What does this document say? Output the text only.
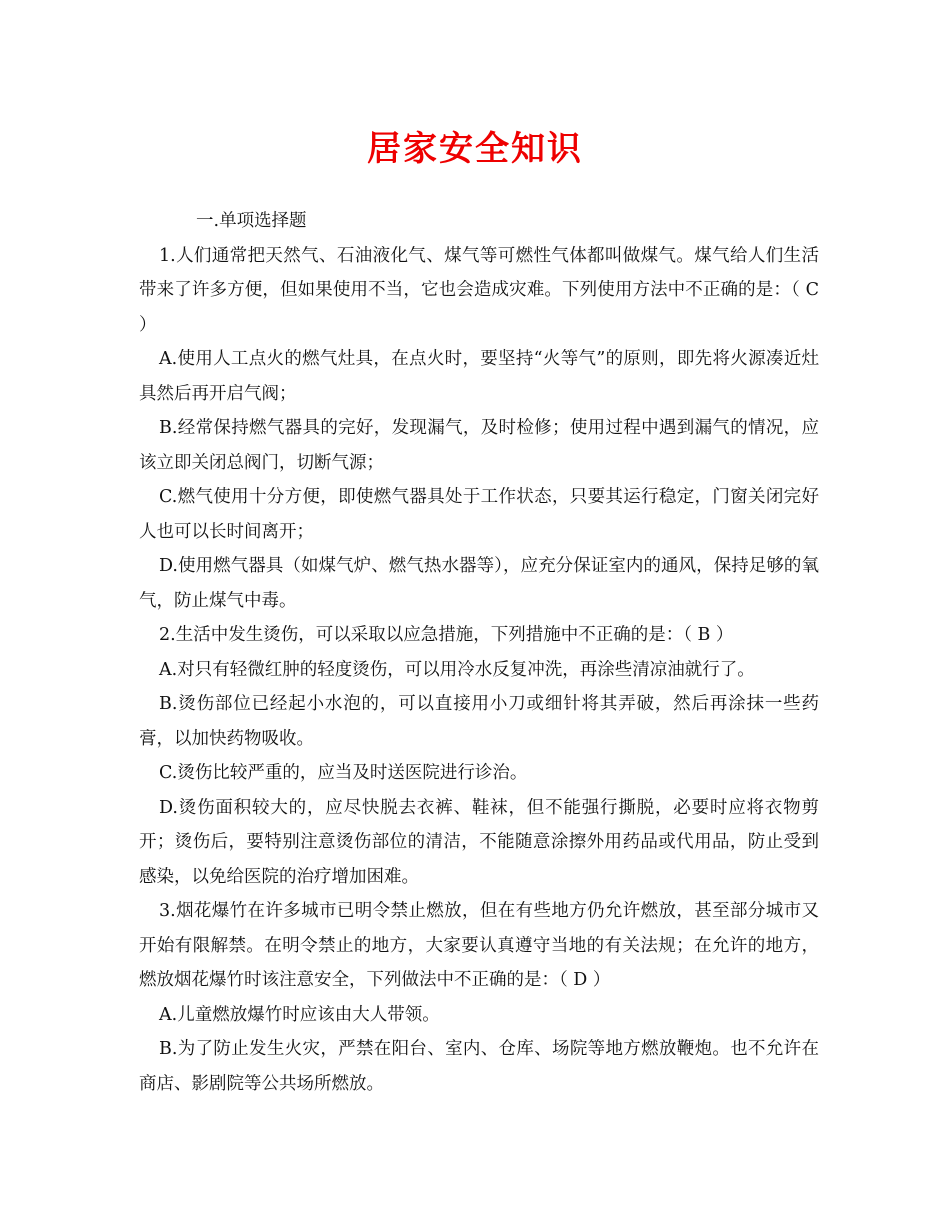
居家安全知识

一.单项选择题

1.人们通常把天然气、石油液化气、煤气等可燃性气体都叫做煤气。煤气给人们生活带来了许多方便，但如果使用不当，它也会造成灾难。下列使用方法中不正确的是：（ C ）

A.使用人工点火的燃气灶具，在点火时，要坚持“火等气”的原则，即先将火源凑近灶具然后再开启气阀；

B.经常保持燃气器具的完好，发现漏气，及时检修；使用过程中遇到漏气的情况，应该立即关闭总阀门，切断气源；

C.燃气使用十分方便，即使燃气器具处于工作状态，只要其运行稳定，门窗关闭完好人也可以长时间离开；

D.使用燃气器具（如煤气炉、燃气热水器等），应充分保证室内的通风，保持足够的氧气，防止煤气中毒。

2.生活中发生烫伤，可以采取以应急措施，下列措施中不正确的是：（ B ）

A.对只有轻微红肿的轻度烫伤，可以用冷水反复冲洗，再涂些清凉油就行了。

B.烫伤部位已经起小水泡的，可以直接用小刀或细针将其弄破，然后再涂抹一些药膏，以加快药物吸收。

C.烫伤比较严重的，应当及时送医院进行诊治。

D.烫伤面积较大的，应尽快脱去衣裤、鞋袜，但不能强行撕脱，必要时应将衣物剪开；烫伤后，要特别注意烫伤部位的清洁，不能随意涂擦外用药品或代用品，防止受到感染，以免给医院的治疗增加困难。

3.烟花爆竹在许多城市已明令禁止燃放，但在有些地方仍允许燃放，甚至部分城市又开始有限解禁。在明令禁止的地方，大家要认真遵守当地的有关法规；在允许的地方，燃放烟花爆竹时该注意安全，下列做法中不正确的是：（ D ）

A.儿童燃放爆竹时应该由大人带领。

B.为了防止发生火灾，严禁在阳台、室内、仓库、场院等地方燃放鞭炮。也不允许在商店、影剧院等公共场所燃放。
